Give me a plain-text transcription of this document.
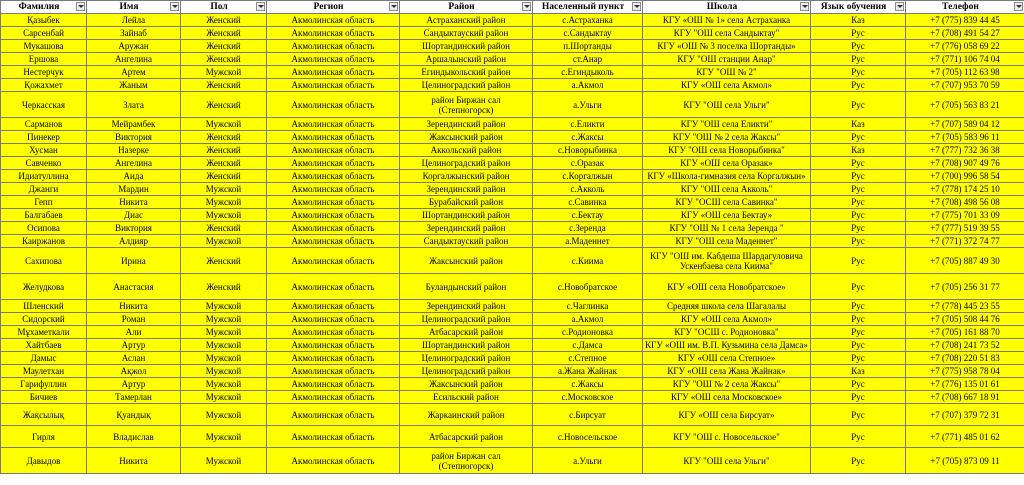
Фамилия	Имя	Пол	Регион	Район	Населенный пункт	Школа	Язык обучения	Телефон

Қазыбек	Лейла	Женский	Акмолинская область	Астраханский район	с.Астраханка	КГУ «ОШ № 1» села Астраханка	Каз	+7 (775) 839 44 45
Сарсенбай	Зайнаб	Женский	Акмолинская область	Сандыктауский район	с.Сандыктау	КГУ "ОШ села Сандыктау"	Рус	+7 (708) 491 54 27
Мукашова	Аружан	Женский	Акмолинская область	Шортандинский район	п.Шортанды	КГУ «ОШ № 3 поселка Шортанды»	Рус	+7 (776) 058 69 22
Ершова	Ангелина	Женский	Акмолинская область	Аршалынский район	ст.Анар	КГУ "ОШ станции Анар"	Рус	+7 (771) 106 74 04
Нестерчук	Артем	Мужской	Акмолинская область	Егиндыкольский район	с.Егиндыколь	КГУ "ОШ № 2"	Рус	+7 (705) 112 63 98
Қожахмет	Жаным	Женский	Акмолинская область	Целиноградский район	а.Акмол	КГУ «ОШ села Акмол»	Рус	+7 (707) 953 70 59
Черкасская	Злата	Женский	Акмолинская область	район Биржан сал
(Степногорск)	а.Ульги	КГУ "ОШ села Ульги"	Рус	+7 (705) 563 83 21
Сарманов	Мейрамбек	Мужской	Акмолинская область	Зерендинский район	с.Еликти	КГУ "ОШ села Еликти"	Каз	+7 (707) 589 04 12
Пинекер	Виктория	Женский	Акмолинская область	Жаксынский район	с.Жаксы	КГУ "ОШ № 2 села Жаксы"	Рус	+7 (705) 583 96 11
Хусман	Назерке	Женский	Акмолинская область	Аккольский район	с.Новорыбинка	КГУ "ОШ села Новорыбинка"	Каз	+7 (777) 732 36 38
Савченко	Ангелина	Женский	Акмолинская область	Целиноградский район	с.Оразак	КГУ «ОШ села Оразак»	Рус	+7 (708) 907 49 76
Идиатуллина	Аида	Женский	Акмолинская область	Коргалжынский район	с.Коргалжын	КГУ «Школа-гимназия села Коргалжын»	Рус	+7 (700) 996 58 54
Джанги	Мардин	Мужской	Акмолинская область	Зерендинский район	с.Акколь	КГУ "ОШ села Акколь"	Рус	+7 (778) 174 25 10
Гепп	Никита	Мужской	Акмолинская область	Бурабайский район	с.Савинка	КГУ "ОСШ села Савинка"	Рус	+7 (708) 498 56 08
Балгабаев	Диас	Мужской	Акмолинская область	Шортандинский район	с.Бектау	КГУ «ОШ села Бектау»	Рус	+7 (775) 701 33 09
Осипова	Виктория	Женский	Акмолинская область	Зерендинский район	с.Зеренда	КГУ "ОШ № 1 села Зеренда "	Рус	+7 (777) 519 39 55
Каиржанов	Алдияр	Мужской	Акмолинская область	Сандыктауский район	а.Маденнет	КГУ "ОШ села Маденнет"	Рус	+7 (771) 372 74 77
Сахипова	Ирина	Женский	Акмолинская область	Жаксынский район	с.Киима	КГУ "ОШ им. Кабдеша Шардагуловича
Ускенбаева села Киима"	Рус	+7 (705) 887 49 30
Желудкова	Анастасия	Женский	Акмолинская область	Буландынский район	с.Новобратское	КГУ «ОШ села Новобратское»	Рус	+7 (705) 256 31 77
Шленский	Никита	Мужской	Акмолинская область	Зерендинский район	с.Чаглинка	Средняя школа села Шагалалы	Рус	+7 (778) 445 23 55
Сидорский	Роман	Мужской	Акмолинская область	Целиноградский район	а.Акмол	КГУ «ОШ села Акмол»	Рус	+7 (705) 508 44 76
Мұхаметкали	Али	Мужской	Акмолинская область	Атбасарский район	с.Родионовка	КГУ "ОСШ с. Родионовка"	Рус	+7 (705) 161 88 70
Хайтбаев	Артур	Мужской	Акмолинская область	Шортандинский район	с.Дамса	КГУ «ОШ им. В.П. Кузьмина села Дамса»	Рус	+7 (708) 241 73 52
Дамыс	Аслан	Мужской	Акмолинская область	Целиноградский район	с.Степное	КГУ «ОШ села Степное»	Рус	+7 (708) 220 51 83
Маулетхан	Ақжол	Мужской	Акмолинская область	Целиноградский район	а.Жана Жайнак	КГУ «ОШ села Жана Жайнак»	Каз	+7 (775) 958 78 04
Гарифуллин	Артур	Мужской	Акмолинская область	Жаксынский район	с.Жаксы	КГУ "ОШ № 2 села Жаксы"	Рус	+7 (776) 135 01 61
Бичиев	Тамерлан	Мужской	Акмолинская область	Есильский район	с.Московское	КГУ «ОШ села Московское»	Рус	+7 (708) 667 18 91
Жақсылық	Қуандық	Мужской	Акмолинская область	Жаркаинский район	с.Бирсуат	КГУ «ОШ села Бирсуат»	Рус	+7 (707) 379 72 31
Гирля	Владислав	Мужской	Акмолинская область	Атбасарский район	с.Новосельское	КГУ "ОШ с. Новосельское"	Рус	+7 (771) 485 01 62
Давыдов	Никита	Мужской	Акмолинская область	район Биржан сал
(Степногорск)	а.Ульги	КГУ "ОШ села Ульги"	Рус	+7 (705) 873 09 11
